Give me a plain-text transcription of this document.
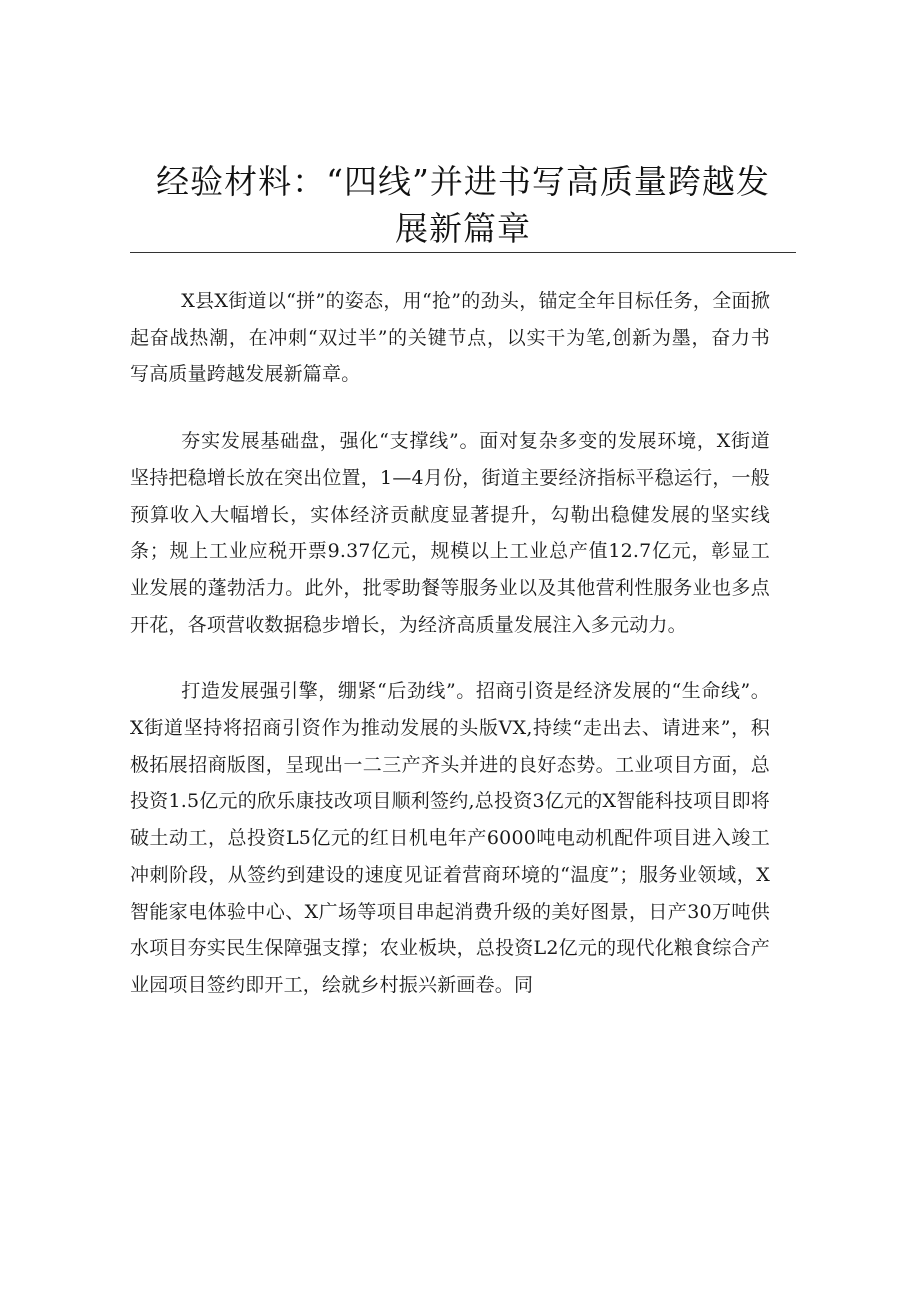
经验材料：“四线”并进书写高质量跨越发
展新篇章

X县X街道以“拼”的姿态，用“抢”的劲头，锚定全年目标任务，全面掀起奋战热潮，在冲刺“双过半”的关键节点，以实干为笔,创新为墨，奋力书写高质量跨越发展新篇章。

夯实发展基础盘，强化“支撑线”。面对复杂多变的发展环境，X街道坚持把稳增长放在突出位置，1—4月份，街道主要经济指标平稳运行，一般预算收入大幅增长，实体经济贡献度显著提升，勾勒出稳健发展的坚实线条；规上工业应税开票9.37亿元，规模以上工业总产值12.7亿元，彰显工业发展的蓬勃活力。此外，批零助餐等服务业以及其他营利性服务业也多点开花，各项营收数据稳步增长，为经济高质量发展注入多元动力。

打造发展强引擎，绷紧“后劲线”。招商引资是经济发展的“生命线”。X街道坚持将招商引资作为推动发展的头版VX,持续“走出去、请进来”，积极拓展招商版图，呈现出一二三产齐头并进的良好态势。工业项目方面，总投资1.5亿元的欣乐康技改项目顺利签约,总投资3亿元的X智能科技项目即将破土动工，总投资L5亿元的红日机电年产6000吨电动机配件项目进入竣工冲刺阶段，从签约到建设的速度见证着营商环境的“温度”；服务业领域，X智能家电体验中心、X广场等项目串起消费升级的美好图景，日产30万吨供水项目夯实民生保障强支撑；农业板块，总投资L2亿元的现代化粮食综合产业园项目签约即开工，绘就乡村振兴新画卷。同
